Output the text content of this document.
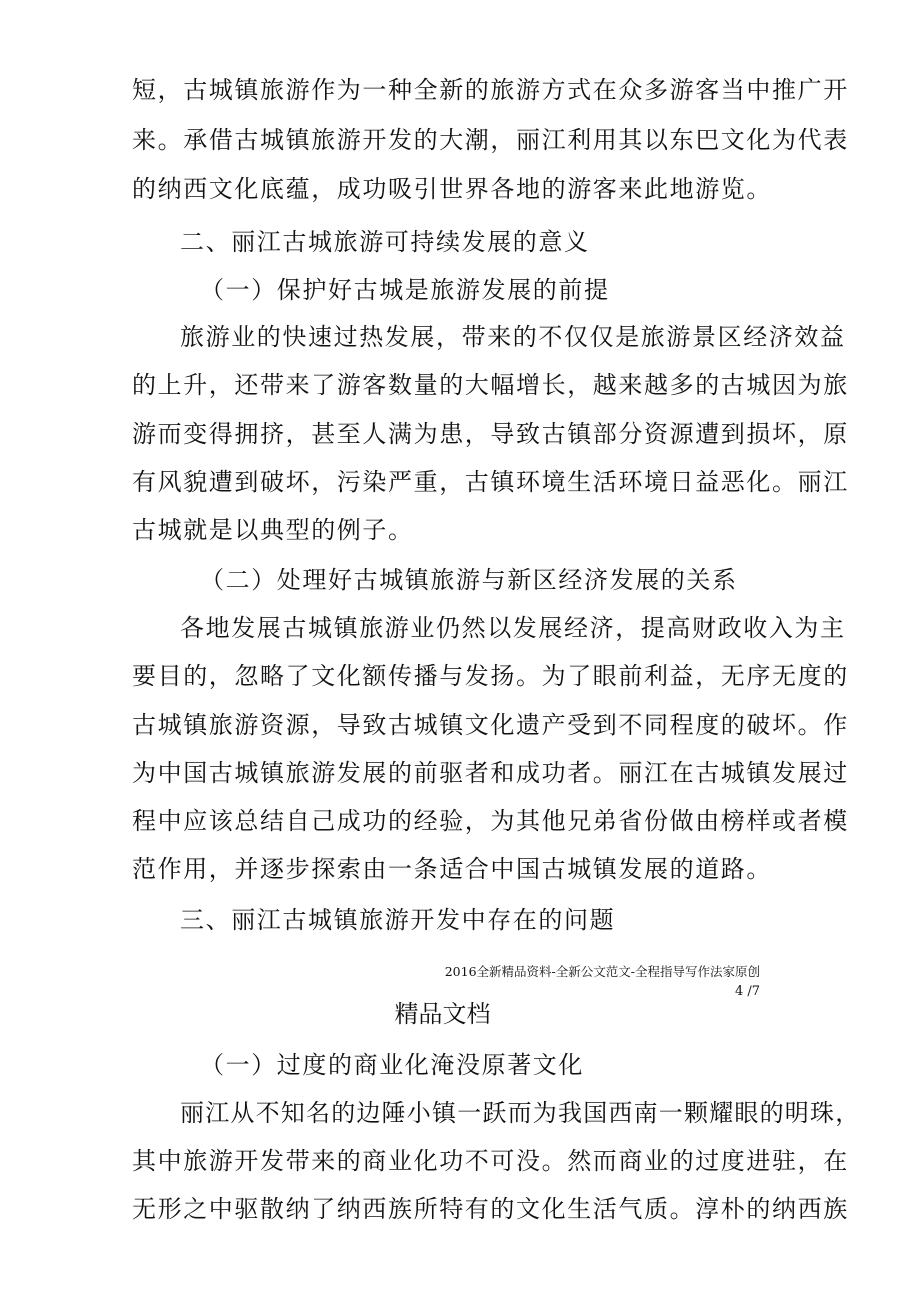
短，古城镇旅游作为一种全新的旅游方式在众多游客当中推广开
来。承借古城镇旅游开发的大潮，丽江利用其以东巴文化为代表
的纳西文化底蕴，成功吸引世界各地的游客来此地游览。
二、丽江古城旅游可持续发展的意义
（一）保护好古城是旅游发展的前提
旅游业的快速过热发展，带来的不仅仅是旅游景区经济效益
的上升，还带来了游客数量的大幅增长，越来越多的古城因为旅
游而变得拥挤，甚至人满为患，导致古镇部分资源遭到损坏，原
有风貌遭到破坏，污染严重，古镇环境生活环境日益恶化。丽江
古城就是以典型的例子。
（二）处理好古城镇旅游与新区经济发展的关系
各地发展古城镇旅游业仍然以发展经济，提高财政收入为主
要目的，忽略了文化额传播与发扬。为了眼前利益，无序无度的
古城镇旅游资源，导致古城镇文化遗产受到不同程度的破坏。作
为中国古城镇旅游发展的前驱者和成功者。丽江在古城镇发展过
程中应该总结自己成功的经验，为其他兄弟省份做由榜样或者模
范作用，并逐步探索由一条适合中国古城镇发展的道路。
三、丽江古城镇旅游开发中存在的问题
2016全新精品资料-全新公文范文-全程指导写作法家原创
4 /7
精品文档
（一）过度的商业化淹没原著文化
丽江从不知名的边陲小镇一跃而为我国西南一颗耀眼的明珠，
其中旅游开发带来的商业化功不可没。然而商业的过度进驻，在
无形之中驱散纳了纳西族所特有的文化生活气质。淳朴的纳西族
